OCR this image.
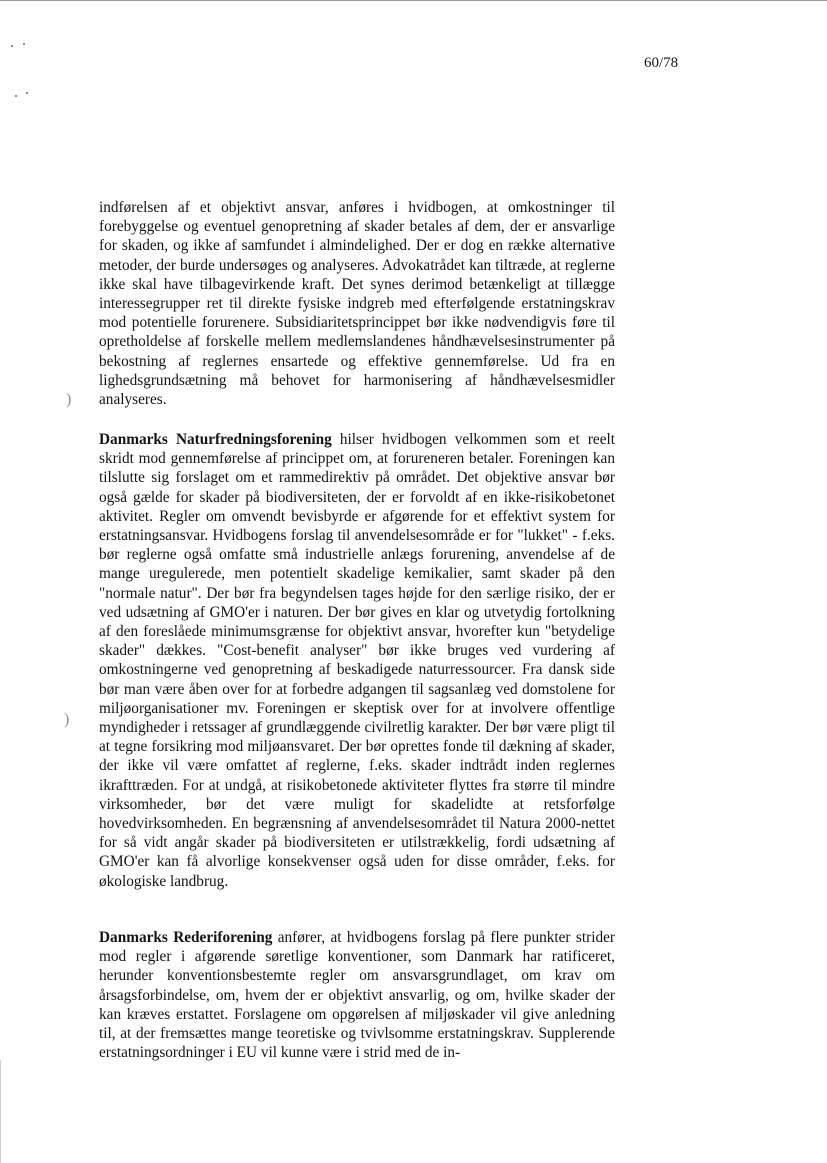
)
)
60/78

indførelsen af et objektivt ansvar, anføres i hvidbogen, at omkostninger til forebyggelse og eventuel genopretning af skader betales af dem, der er ansvarlige for skaden, og ikke af samfundet i almindelighed. Der er dog en række alternative metoder, der burde undersøges og analyseres. Advokatrådet kan tiltræde, at reglerne ikke skal have tilbagevirkende kraft. Det synes derimod betænkeligt at tillægge interessegrupper ret til direkte fysiske indgreb med efterfølgende erstatningskrav mod potentielle forurenere. Subsidiaritetsprincippet bør ikke nødvendigvis føre til opretholdelse af forskelle mellem medlemslandenes håndhævelsesinstrumenter på bekostning af reglernes ensartede og effektive gennemførelse. Ud fra en lighedsgrundsætning må behovet for harmonisering af håndhævelsesmidler analyseres.

Danmarks Naturfredningsforening hilser hvidbogen velkommen som et reelt skridt mod gennemførelse af princippet om, at forureneren betaler. Foreningen kan tilslutte sig forslaget om et rammedirektiv på området. Det objektive ansvar bør også gælde for skader på biodiversiteten, der er forvoldt af en ikke-risikobetonet aktivitet. Regler om omvendt bevisbyrde er afgørende for et effektivt system for erstatningsansvar. Hvidbogens forslag til anvendelsesområde er for "lukket" - f.eks. bør reglerne også omfatte små industrielle anlægs forurening, anvendelse af de mange uregulerede, men potentielt skadelige kemikalier, samt skader på den "normale natur". Der bør fra begyndelsen tages højde for den særlige risiko, der er ved udsætning af GMO'er i naturen. Der bør gives en klar og utvetydig fortolkning af den foreslåede minimumsgrænse for objektivt ansvar, hvorefter kun "betydelige skader" dækkes. "Cost-benefit analyser" bør ikke bruges ved vurdering af omkostningerne ved genopretning af beskadigede naturressourcer. Fra dansk side bør man være åben over for at forbedre adgangen til sagsanlæg ved domstolene for miljøorganisationer mv. Foreningen er skeptisk over for at involvere offentlige myndigheder i retssager af grundlæggende civilretlig karakter. Der bør være pligt til at tegne forsikring mod miljøansvaret. Der bør oprettes fonde til dækning af skader, der ikke vil være omfattet af reglerne, f.eks. skader indtrådt inden reglernes ikrafttræden. For at undgå, at risikobetonede aktiviteter flyttes fra større til mindre virksomheder, bør det være muligt for skadelidte at retsforfølge hovedvirksomheden. En begrænsning af anvendelsesområdet til Natura 2000-nettet for så vidt angår skader på biodiversiteten er utilstrækkelig, fordi udsætning af GMO'er kan få alvorlige konsekvenser også uden for disse områder, f.eks. for økologiske landbrug.

Danmarks Rederiforening anfører, at hvidbogens forslag på flere punkter strider mod regler i afgørende søretlige konventioner, som Danmark har ratificeret, herunder konventionsbestemte regler om ansvarsgrundlaget, om krav om årsagsforbindelse, om, hvem der er objektivt ansvarlig, og om, hvilke skader der kan kræves erstattet. Forslagene om opgørelsen af miljøskader vil give anledning til, at der fremsættes mange teoretiske og tvivlsomme erstatningskrav. Supplerende erstatningsordninger i EU vil kunne være i strid med de in-
